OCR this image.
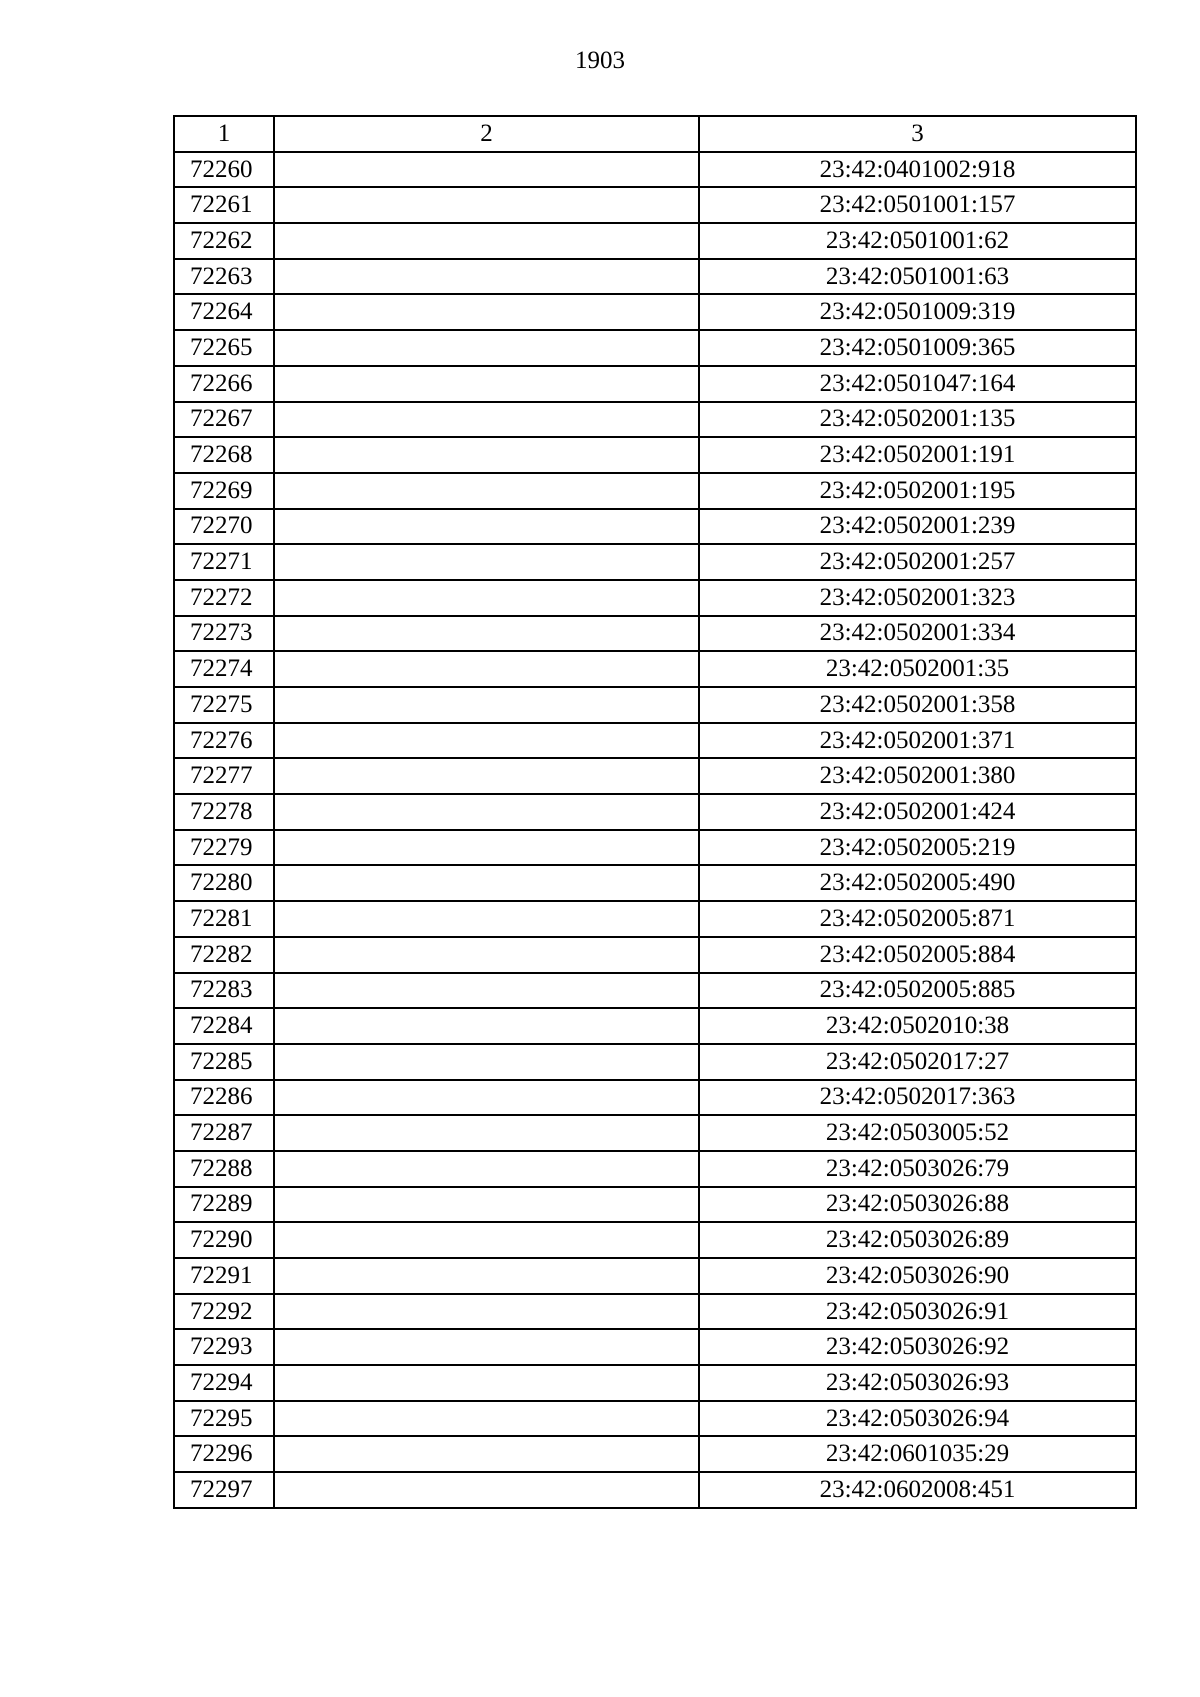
1903
1	2	3
72260		23:42:0401002:918
72261		23:42:0501001:157
72262		23:42:0501001:62
72263		23:42:0501001:63
72264		23:42:0501009:319
72265		23:42:0501009:365
72266		23:42:0501047:164
72267		23:42:0502001:135
72268		23:42:0502001:191
72269		23:42:0502001:195
72270		23:42:0502001:239
72271		23:42:0502001:257
72272		23:42:0502001:323
72273		23:42:0502001:334
72274		23:42:0502001:35
72275		23:42:0502001:358
72276		23:42:0502001:371
72277		23:42:0502001:380
72278		23:42:0502001:424
72279		23:42:0502005:219
72280		23:42:0502005:490
72281		23:42:0502005:871
72282		23:42:0502005:884
72283		23:42:0502005:885
72284		23:42:0502010:38
72285		23:42:0502017:27
72286		23:42:0502017:363
72287		23:42:0503005:52
72288		23:42:0503026:79
72289		23:42:0503026:88
72290		23:42:0503026:89
72291		23:42:0503026:90
72292		23:42:0503026:91
72293		23:42:0503026:92
72294		23:42:0503026:93
72295		23:42:0503026:94
72296		23:42:0601035:29
72297		23:42:0602008:451
